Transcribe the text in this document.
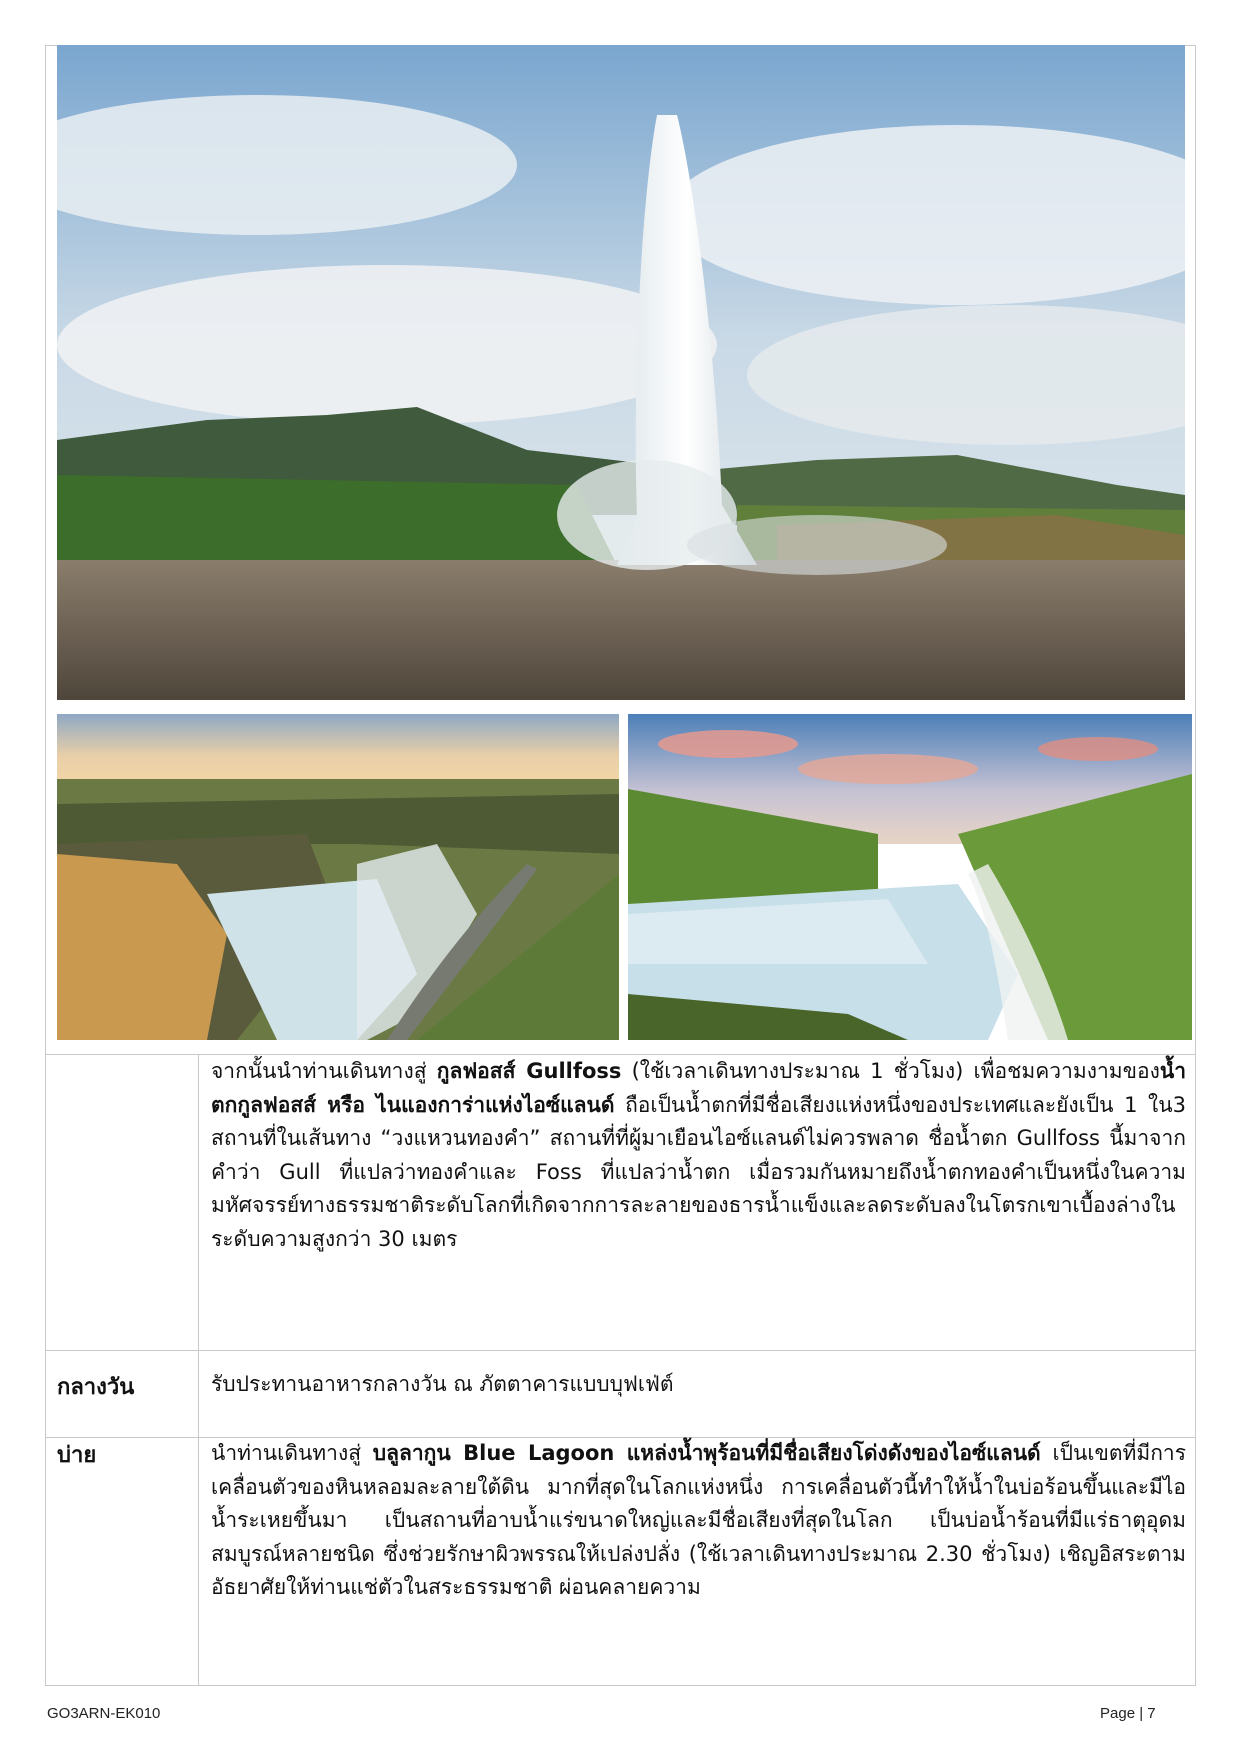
จากนั้นนำท่านเดินทางสู่ กูลฟอสส์ Gullfoss (ใช้เวลาเดินทางประมาณ 1 ชั่วโมง) เพื่อชมความงามของน้ำตกกูลฟอสส์ หรือ ไนแองการ่าแห่งไอซ์แลนด์ ถือเป็นน้ำตกที่มีชื่อเสียงแห่งหนึ่งของประเทศและยังเป็น 1 ใน3 สถานที่ในเส้นทาง “วงแหวนทองคำ” สถานที่ที่ผู้มาเยือนไอซ์แลนด์ไม่ควรพลาด ชื่อน้ำตก Gullfoss นี้มาจากคำว่า Gull ที่แปลว่าทองคำและ Foss ที่แปลว่าน้ำตก เมื่อรวมกันหมายถึงน้ำตกทองคำเป็นหนึ่งในความมหัศจรรย์ทางธรรมชาติระดับโลกที่เกิดจากการละลายของธารน้ำแข็งและลดระดับลงในโตรกเขาเบื้องล่างในระดับความสูงกว่า 30 เมตร
กลางวัน	รับประทานอาหารกลางวัน ณ ภัตตาคารแบบบุฟเฟ่ต์
บ่าย	นำท่านเดินทางสู่ บลูลากูน Blue Lagoon แหล่งน้ำพุร้อนที่มีชื่อเสียงโด่งดังของไอซ์แลนด์ เป็นเขตที่มีการเคลื่อนตัวของหินหลอมละลายใต้ดิน มากที่สุดในโลกแห่งหนึ่ง การเคลื่อนตัวนี้ทำให้น้ำในบ่อร้อนขึ้นและมีไอน้ำระเหยขึ้นมา เป็นสถานที่อาบน้ำแร่ขนาดใหญ่และมีชื่อเสียงที่สุดในโลก เป็นบ่อน้ำร้อนที่มีแร่ธาตุอุดมสมบูรณ์หลายชนิด ซึ่งช่วยรักษาผิวพรรณให้เปล่งปลั่ง (ใช้เวลาเดินทางประมาณ 2.30 ชั่วโมง) เชิญอิสระตามอัธยาศัยให้ท่านแช่ตัวในสระธรรมชาติ ผ่อนคลายความ
GO3ARN-EK010	Page | 7
